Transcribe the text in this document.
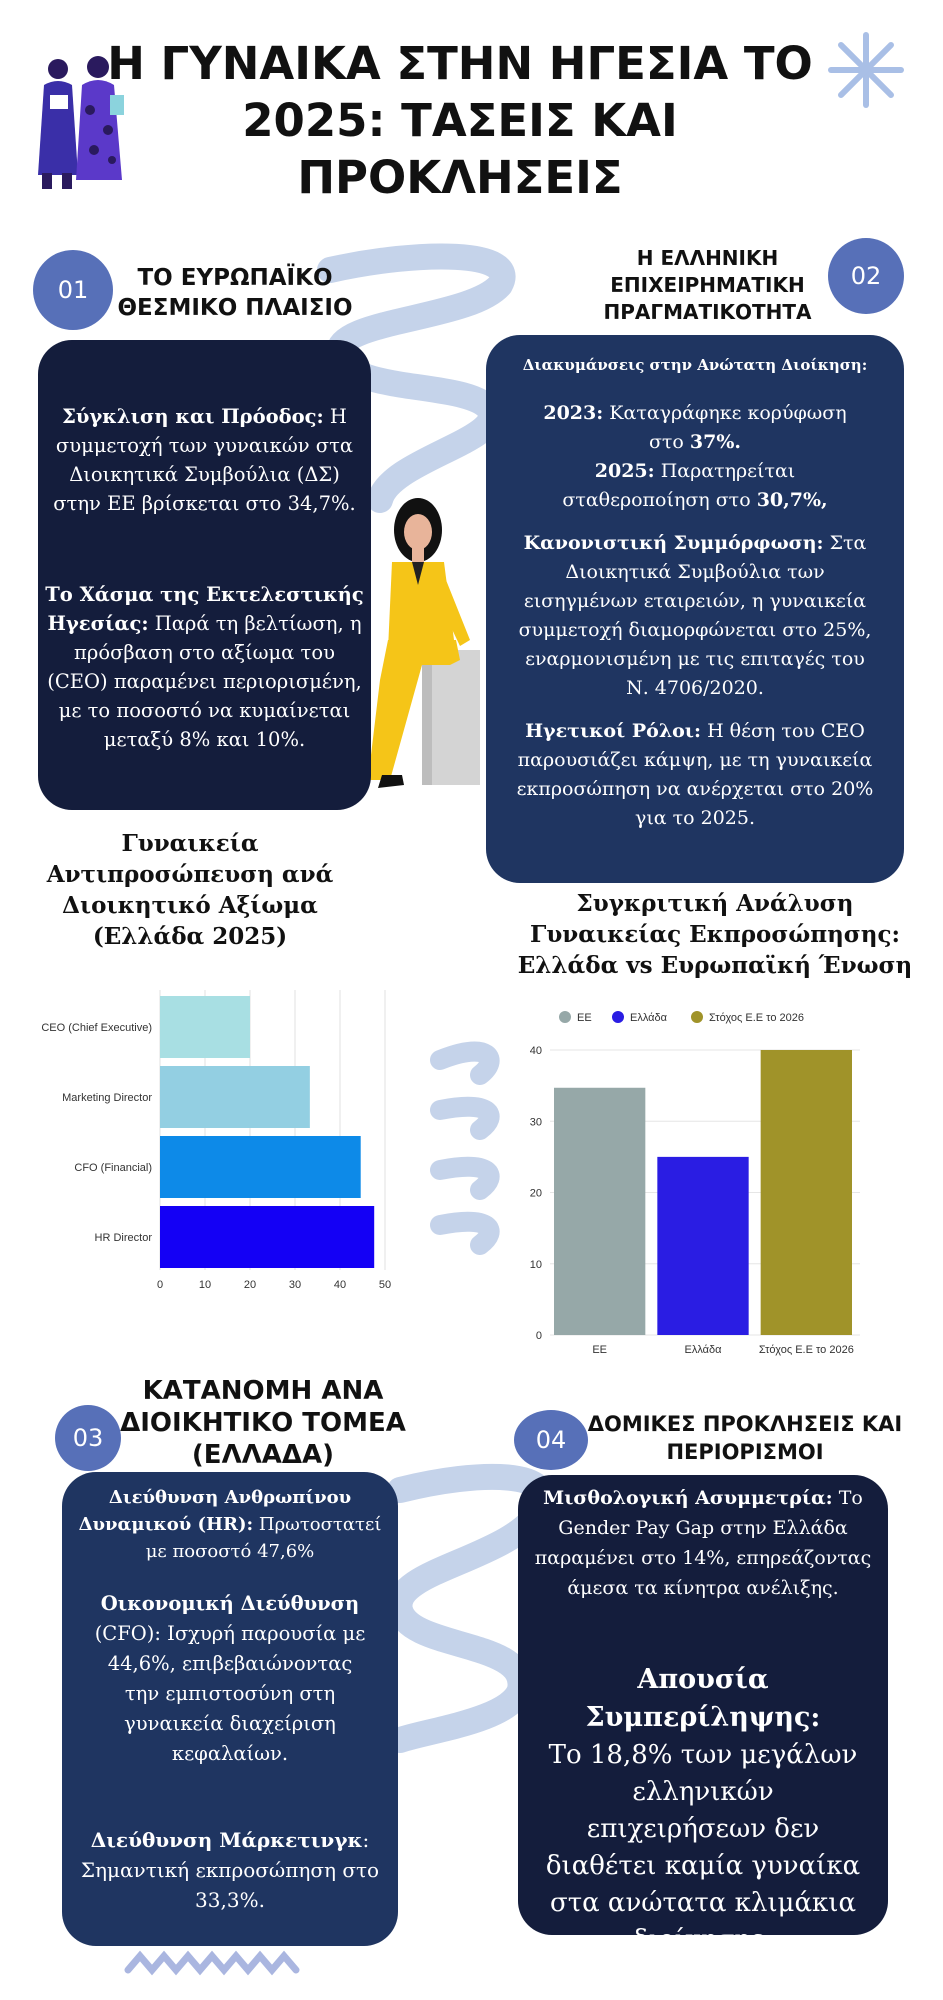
Η ΓΥΝΑΙΚΑ ΣΤΗΝ ΗΓΕΣΙΑ ΤΟ 2025: ΤΑΣΕΙΣ ΚΑΙ ΠΡΟΚΛΗΣΕΙΣ
01	ΤΟ ΕΥΡΩΠΑΪΚΟ ΘΕΣΜΙΚΟ ΠΛΑΙΣΙΟ

Σύγκλιση και Πρόοδος: Η συμμετοχή των γυναικών στα Διοικητικά Συμβούλια (ΔΣ) στην ΕΕ βρίσκεται στο 34,7%.

Το Χάσμα της Εκτελεστικής Ηγεσίας: Παρά τη βελτίωση, η πρόσβαση στο αξίωμα του (CEO) παραμένει περιορισμένη, με το ποσοστό να κυμαίνεται μεταξύ 8% και 10%.

Η ΕΛΛΗΝΙΚΗ ΕΠΙΧΕΙΡΗΜΑΤΙΚΗ ΠΡΑΓΜΑΤΙΚΟΤΗΤΑ
02

Διακυμάνσεις στην Ανώτατη Διοίκηση:

2023: Καταγράφηκε κορύφωση στο 37%.

2025: Παρατηρείται σταθεροποίηση στο 30,7%,

Κανονιστική Συμμόρφωση: Στα Διοικητικά Συμβούλια των εισηγμένων εταιρειών, η γυναικεία συμμετοχή διαμορφώνεται στο 25%, εναρμονισμένη με τις επιταγές του Ν. 4706/2020.

Ηγετικοί Ρόλοι: Η θέση του CEO παρουσιάζει κάμψη, με τη γυναικεία εκπροσώπηση να ανέρχεται στο 20% για το 2025.

Γυναικεία Αντιπροσώπευση ανά Διοικητικό Αξίωμα (Ελλάδα 2025)
0	10	20	30	40	50
CEO (Chief Executive)
Marketing Director
CFO (Financial)
HR Director
Συγκριτική Ανάλυση Γυναικείας Εκπροσώπησης: Ελλάδα vs Ευρωπαϊκή Ένωση
ΕΕ	Ελλάδα	Στόχος Ε.Ε το 2026
0
10
20
30
40
ΕΕ	Ελλάδα	Στόχος Ε.Ε το 2026
ΚΑΤΑΝΟΜΗ ΑΝΑ ΔΙΟΙΚΗΤΙΚΟ ΤΟΜΕΑ (ΕΛΛΑΔΑ)
03

Διεύθυνση Ανθρωπίνου Δυναμικού (HR): Πρωτοστατεί με ποσοστό 47,6%

Οικονομική Διεύθυνση (CFO): Ισχυρή παρουσία με 44,6%, επιβεβαιώνοντας την εμπιστοσύνη στη γυναικεία διαχείριση κεφαλαίων.

Διεύθυνση Μάρκετινγκ: Σημαντική εκπροσώπηση στο 33,3%.

04
ΔΟΜΙΚΕΣ ΠΡΟΚΛΗΣΕΙΣ ΚΑΙ ΠΕΡΙΟΡΙΣΜΟΙ

Μισθολογική Ασυμμετρία: Το Gender Pay Gap στην Ελλάδα παραμένει στο 14%, επηρεάζοντας άμεσα τα κίνητρα ανέλιξης.

Απουσία Συμπερίληψης:

Το 18,8% των μεγάλων ελληνικών επιχειρήσεων δεν διαθέτει καμία γυναίκα στα ανώτατα κλιμάκια διοίκησης.
